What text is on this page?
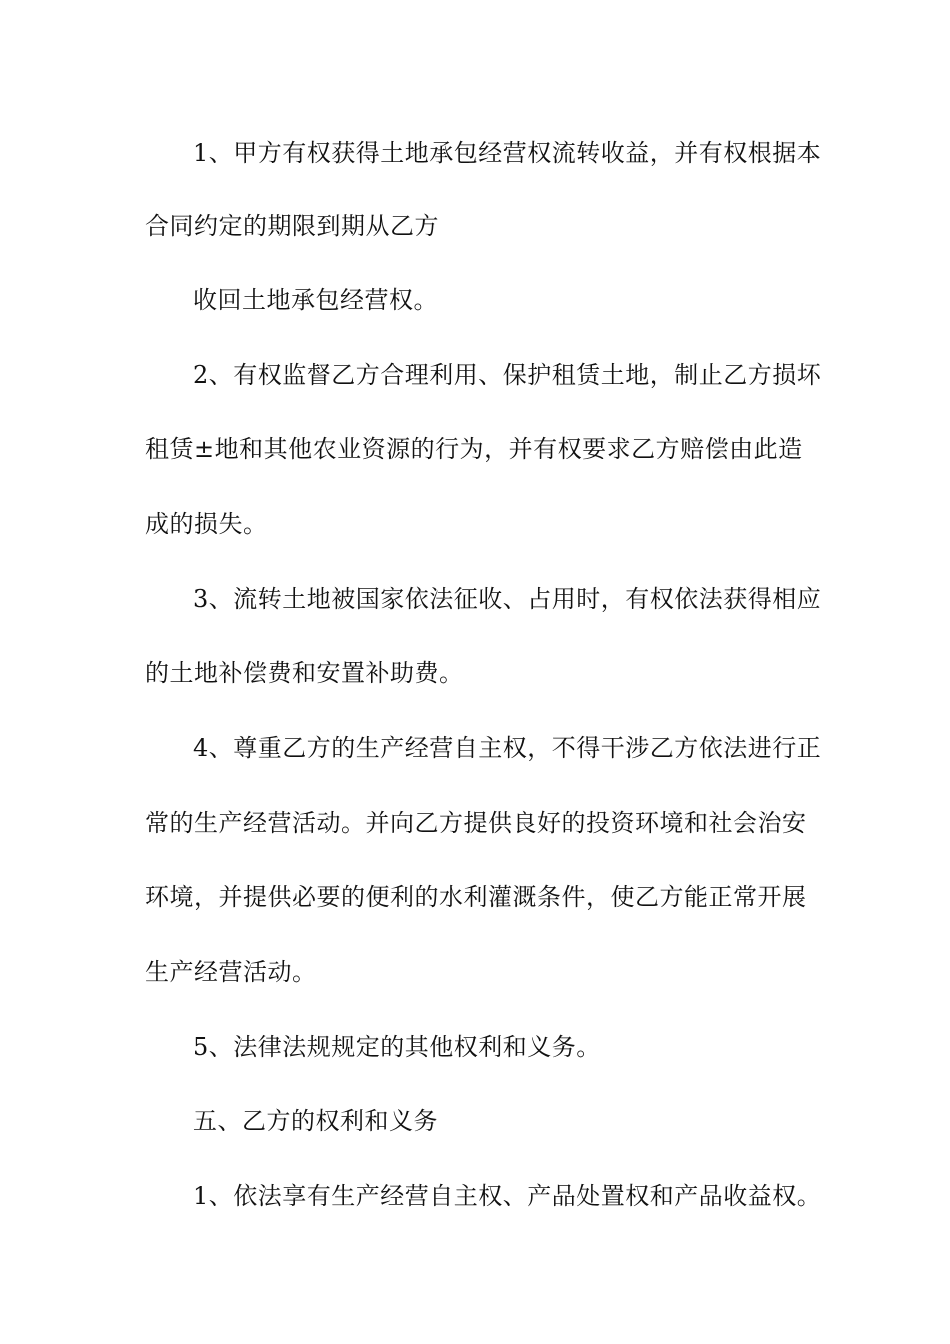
1、甲方有权获得土地承包经营权流转收益，并有权根据本
合同约定的期限到期从乙方
收回土地承包经营权。
2、有权监督乙方合理利用、保护租赁土地，制止乙方损坏
租赁±地和其他农业资源的行为，并有权要求乙方赔偿由此造
成的损失。
3、流转土地被国家依法征收、占用时，有权依法获得相应
的土地补偿费和安置补助费。
4、尊重乙方的生产经营自主权，不得干涉乙方依法进行正
常的生产经营活动。并向乙方提供良好的投资环境和社会治安
环境，并提供必要的便利的水利灌溉条件，使乙方能正常开展
生产经营活动。
5、法律法规规定的其他权利和义务。
五、乙方的权利和义务
1、依法享有生产经营自主权、产品处置权和产品收益权。
